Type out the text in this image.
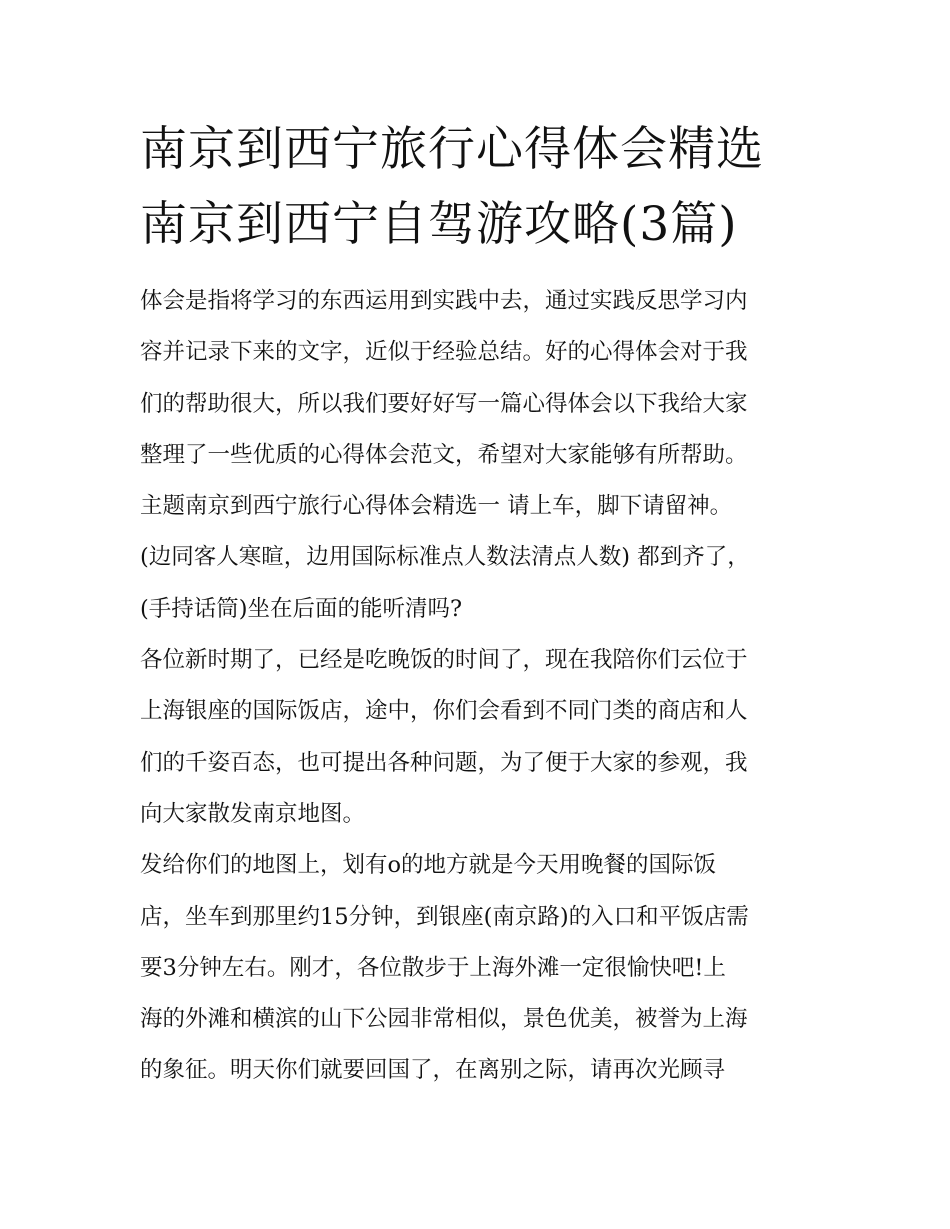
南京到西宁旅行心得体会精选
南京到西宁自驾游攻略(3篇)
体会是指将学习的东西运用到实践中去，通过实践反思学习内
容并记录下来的文字，近似于经验总结。好的心得体会对于我
们的帮助很大，所以我们要好好写一篇心得体会以下我给大家
整理了一些优质的心得体会范文，希望对大家能够有所帮助。
主题南京到西宁旅行心得体会精选一 请上车，脚下请留神。
(边同客人寒暄，边用国际标准点人数法清点人数) 都到齐了，
(手持话筒)坐在后面的能听清吗?
各位新时期了，已经是吃晚饭的时间了，现在我陪你们云位于
上海银座的国际饭店，途中，你们会看到不同门类的商店和人
们的千姿百态，也可提出各种问题，为了便于大家的参观，我
向大家散发南京地图。
发给你们的地图上，划有o的地方就是今天用晚餐的国际饭
店，坐车到那里约15分钟，到银座(南京路)的入口和平饭店需
要3分钟左右。刚才，各位散步于上海外滩一定很愉快吧!上
海的外滩和横滨的山下公园非常相似，景色优美，被誉为上海
的象征。明天你们就要回国了，在离别之际，请再次光顾寻
